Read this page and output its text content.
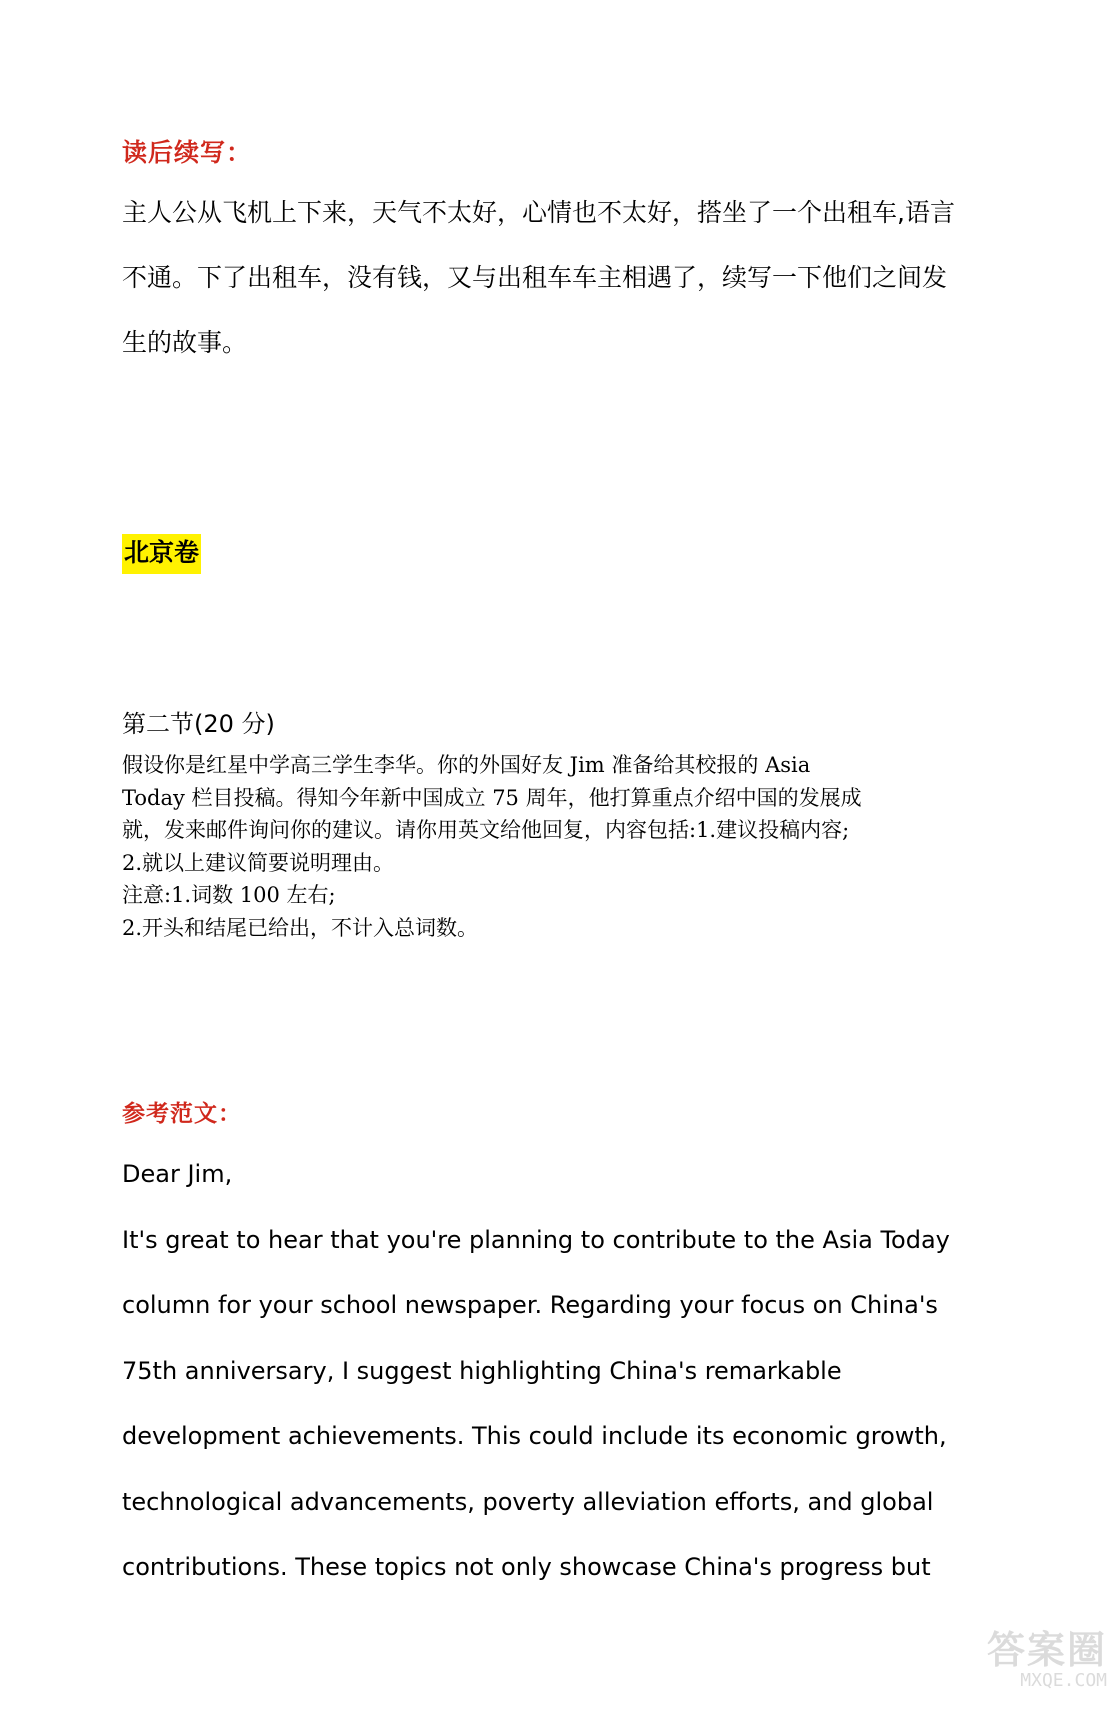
读后续写：

主人公从飞机上下来，天气不太好，心情也不太好，搭坐了一个出租车,语言

不通。下了出租车，没有钱，又与出租车车主相遇了，续写一下他们之间发

生的故事。

北京卷
第二节(20 分)

假设你是红星中学高三学生李华。你的外国好友 Jim 准备给其校报的 Asia

Today 栏目投稿。得知今年新中国成立 75 周年，他打算重点介绍中国的发展成

就，发来邮件询问你的建议。请你用英文给他回复，内容包括:1.建议投稿内容;

2.就以上建议简要说明理由。

注意:1.词数 100 左右;

2.开头和结尾已给出，不计入总词数。

参考范文：

Dear Jim,

It's great to hear that you're planning to contribute to the Asia Today

column for your school newspaper. Regarding your focus on China's

75th anniversary, I suggest highlighting China's remarkable

development achievements. This could include its economic growth,

technological advancements, poverty alleviation efforts, and global

contributions. These topics not only showcase China's progress but

答案圈
MXQE.COM
